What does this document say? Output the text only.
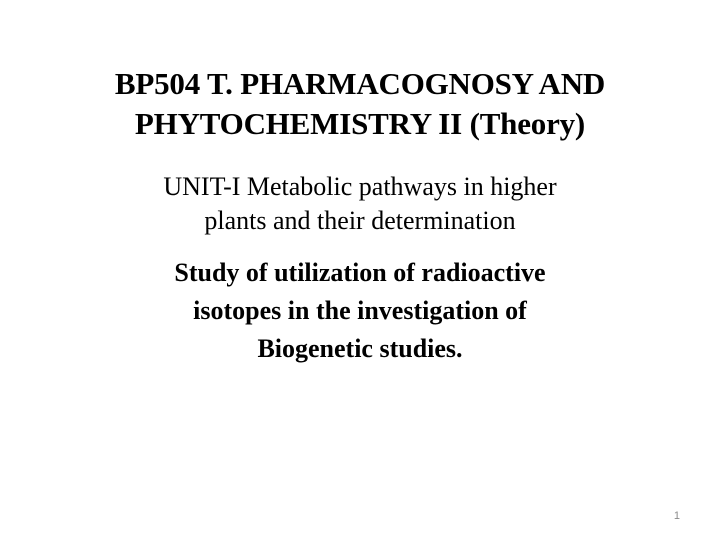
BP504 T. PHARMACOGNOSY AND
PHYTOCHEMISTRY II (Theory)
UNIT-I Metabolic pathways in higher
plants and their determination
Study of utilization of radioactive
isotopes in the investigation of
Biogenetic studies.
1
